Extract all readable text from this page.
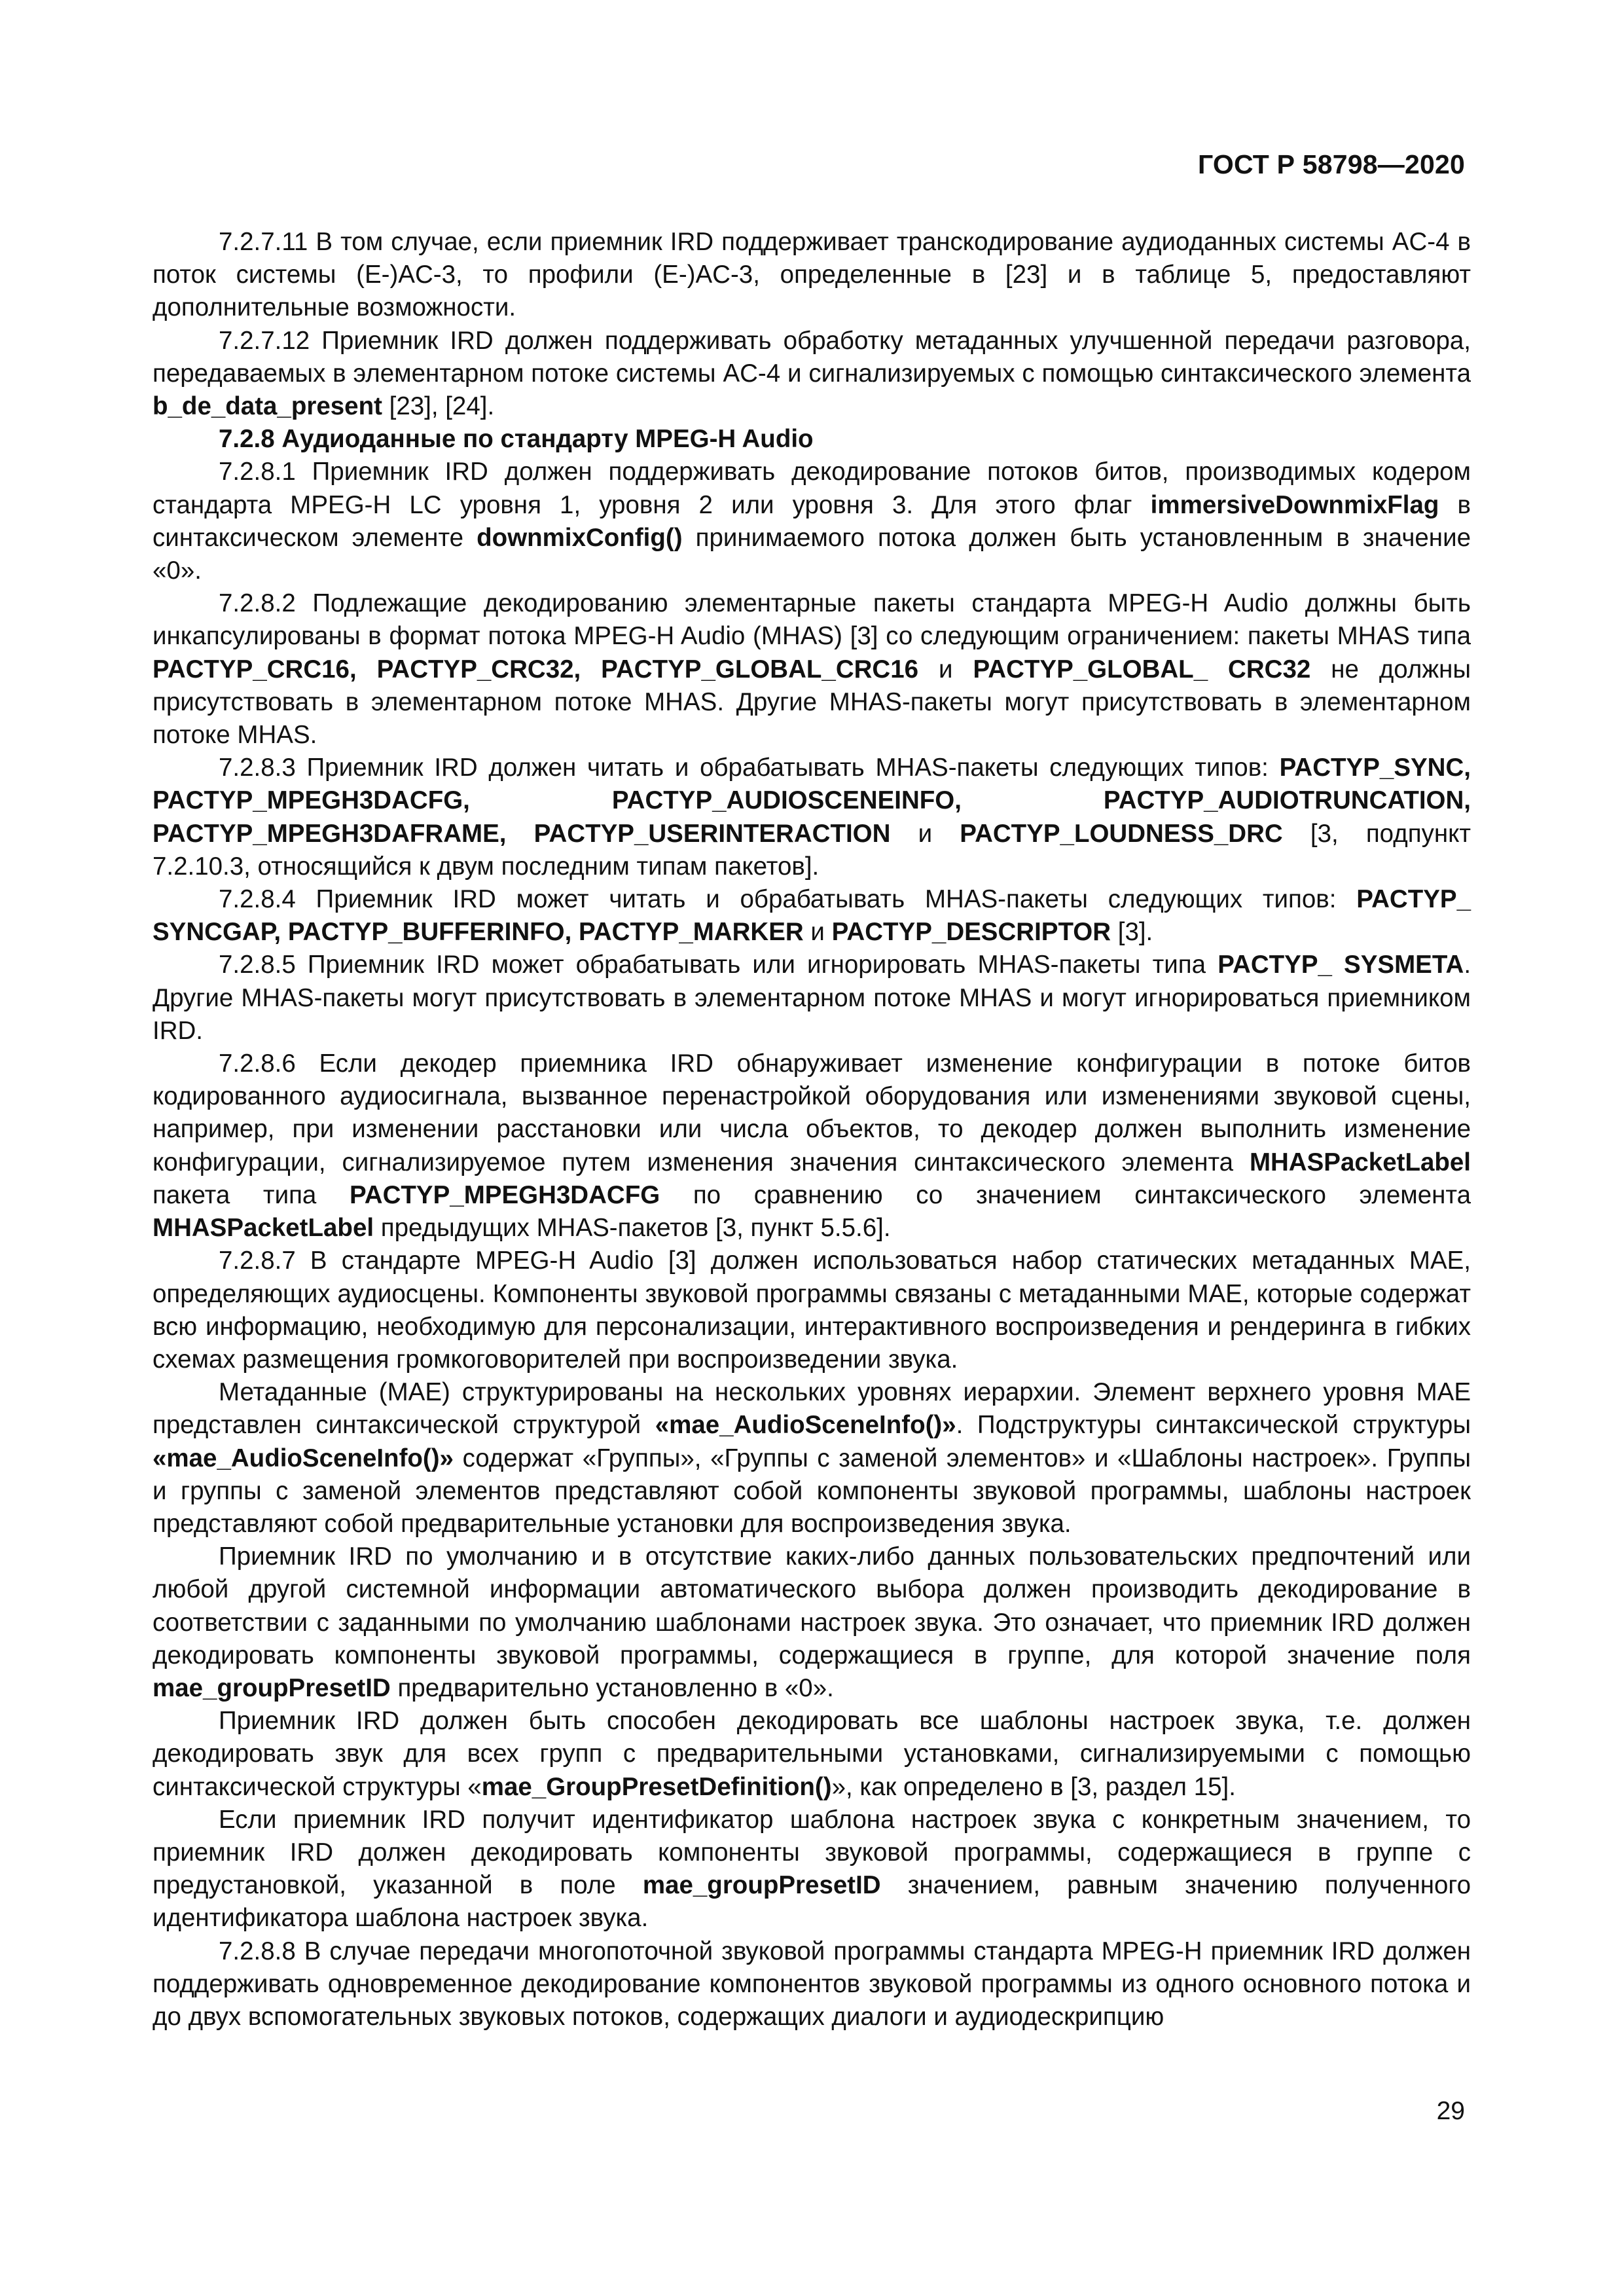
ГОСТ Р 58798—2020

7.2.7.11 В том случае, если приемник IRD поддерживает транскодирование аудиоданных системы AC-4 в поток системы (E-)AC-3, то профили (E-)AC-3, определенные в [23] и в таблице 5, предоставляют дополнительные возможности.

7.2.7.12 Приемник IRD должен поддерживать обработку метаданных улучшенной передачи разговора, передаваемых в элементарном потоке системы AC-4 и сигнализируемых с помощью синтаксического элемента b_de_data_present [23], [24].

7.2.8 Аудиоданные по стандарту MPEG-H Audio

7.2.8.1 Приемник IRD должен поддерживать декодирование потоков битов, производимых кодером стандарта MPEG-H LC уровня 1, уровня 2 или уровня 3. Для этого флаг immersiveDownmixFlag в синтаксическом элементе downmixConfig() принимаемого потока должен быть установленным в значение «0».

7.2.8.2 Подлежащие декодированию элементарные пакеты стандарта MPEG-H Audio должны быть инкапсулированы в формат потока MPEG-H Audio (MHAS) [3] со следующим ограничением: пакеты MHAS типа PACTYP_CRC16, PACTYP_CRC32, PACTYP_GLOBAL_CRC16 и PACTYP_GLOBAL_ CRC32 не должны присутствовать в элементарном потоке MHAS. Другие MHAS-пакеты могут присутствовать в элементарном потоке MHAS.

7.2.8.3 Приемник IRD должен читать и обрабатывать MHAS-пакеты следующих типов: PACTYP_SYNC, PACTYP_MPEGH3DACFG, PACTYP_AUDIOSCENEINFO, PACTYP_AUDIOTRUNCATION, PACTYP_MPEGH3DAFRAME, PACTYP_USERINTERACTION и PACTYP_LOUDNESS_DRC [3, подпункт 7.2.10.3, относящийся к двум последним типам пакетов].

7.2.8.4 Приемник IRD может читать и обрабатывать MHAS-пакеты следующих типов: PACTYP_ SYNCGAP, PACTYP_BUFFERINFO, PACTYP_MARKER и PACTYP_DESCRIPTOR [3].

7.2.8.5 Приемник IRD может обрабатывать или игнорировать MHAS-пакеты типа PACTYP_ SYSMETA. Другие MHAS-пакеты могут присутствовать в элементарном потоке MHAS и могут игнорироваться приемником IRD.

7.2.8.6 Если декодер приемника IRD обнаруживает изменение конфигурации в потоке битов кодированного аудиосигнала, вызванное перенастройкой оборудования или изменениями звуковой сцены, например, при изменении расстановки или числа объектов, то декодер должен выполнить изменение конфигурации, сигнализируемое путем изменения значения синтаксического элемента MHASPacketLabel пакета типа PACTYP_MPEGH3DACFG по сравнению со значением синтаксического элемента MHASPacketLabel предыдущих MHAS-пакетов [3, пункт 5.5.6].

7.2.8.7 В стандарте MPEG-H Audio [3] должен использоваться набор статических метаданных MAE, определяющих аудиосцены. Компоненты звуковой программы связаны с метаданными MAE, которые содержат всю информацию, необходимую для персонализации, интерактивного воспроизведения и рендеринга в гибких схемах размещения громкоговорителей при воспроизведении звука.

Метаданные (MAE) структурированы на нескольких уровнях иерархии. Элемент верхнего уровня MAE представлен синтаксической структурой «mae_AudioSceneInfo()». Подструктуры синтаксической структуры «mae_AudioSceneInfo()» содержат «Группы», «Группы с заменой элементов» и «Шаблоны настроек». Группы и группы с заменой элементов представляют собой компоненты звуковой программы, шаблоны настроек представляют собой предварительные установки для воспроизведения звука.

Приемник IRD по умолчанию и в отсутствие каких-либо данных пользовательских предпочтений или любой другой системной информации автоматического выбора должен производить декодирование в соответствии с заданными по умолчанию шаблонами настроек звука. Это означает, что приемник IRD должен декодировать компоненты звуковой программы, содержащиеся в группе, для которой значение поля mae_groupPresetID предварительно установленно в «0».

Приемник IRD должен быть способен декодировать все шаблоны настроек звука, т.е. должен декодировать звук для всех групп с предварительными установками, сигнализируемыми с помощью синтаксической структуры «mae_GroupPresetDefinition()», как определено в [3, раздел 15].

Если приемник IRD получит идентификатор шаблона настроек звука с конкретным значением, то приемник IRD должен декодировать компоненты звуковой программы, содержащиеся в группе с предустановкой, указанной в поле mae_groupPresetID значением, равным значению полученного идентификатора шаблона настроек звука.

7.2.8.8 В случае передачи многопоточной звуковой программы стандарта MPEG-H приемник IRD должен поддерживать одновременное декодирование компонентов звуковой программы из одного основного потока и до двух вспомогательных звуковых потоков, содержащих диалоги и аудиодескрипцию

29
